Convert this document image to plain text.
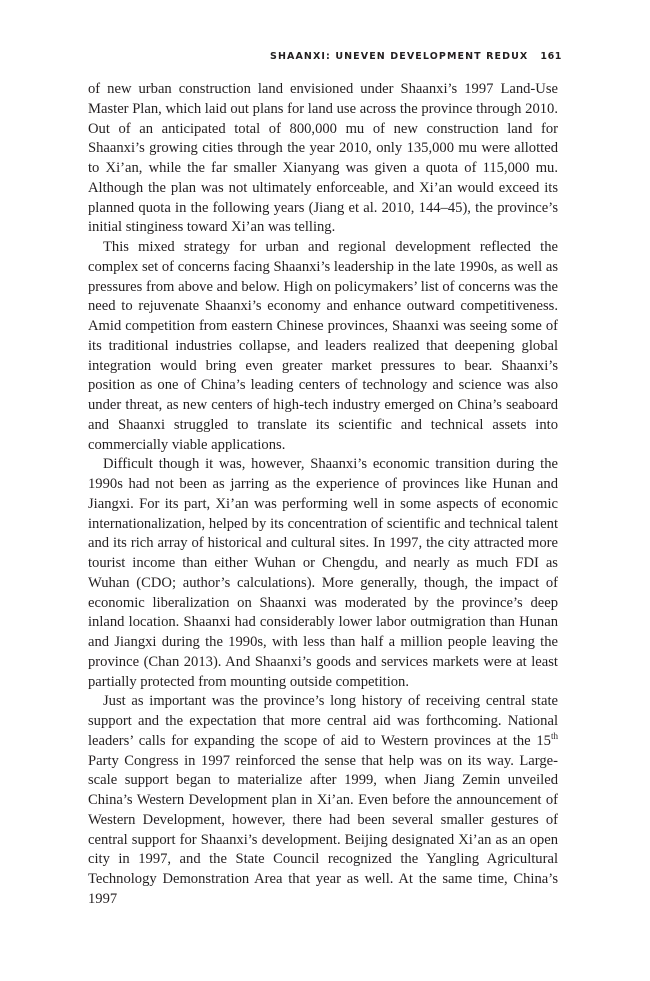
SHAANXI: UNEVEN DEVELOPMENT REDUX 161

of new urban construction land envisioned under Shaanxi’s 1997 Land-Use Master Plan, which laid out plans for land use across the province through 2010. Out of an anticipated total of 800,000 mu of new construction land for Shaanxi’s growing cities through the year 2010, only 135,000 mu were allotted to Xi’an, while the far smaller Xianyang was given a quota of 115,000 mu. Although the plan was not ultimately enforceable, and Xi’an would exceed its planned quota in the following years (Jiang et al. 2010, 144–45), the province’s initial stinginess toward Xi’an was telling.

This mixed strategy for urban and regional development reflected the complex set of concerns facing Shaanxi’s leadership in the late 1990s, as well as pressures from above and below. High on policymakers’ list of concerns was the need to rejuvenate Shaanxi’s economy and enhance outward competitiveness. Amid competition from eastern Chinese provinces, Shaanxi was seeing some of its traditional industries collapse, and leaders realized that deepening global integration would bring even greater market pressures to bear. Shaanxi’s position as one of China’s leading centers of technology and science was also under threat, as new centers of high-tech industry emerged on China’s seaboard and Shaanxi struggled to translate its scientific and technical assets into commercially viable applications.

Difficult though it was, however, Shaanxi’s economic transition during the 1990s had not been as jarring as the experience of provinces like Hunan and Jiangxi. For its part, Xi’an was performing well in some aspects of economic internationalization, helped by its concentration of scientific and technical talent and its rich array of historical and cultural sites. In 1997, the city attracted more tourist income than either Wuhan or Chengdu, and nearly as much FDI as Wuhan (CDO; author’s calculations). More generally, though, the impact of economic liberalization on Shaanxi was moderated by the province’s deep inland location. Shaanxi had considerably lower labor outmigration than Hunan and Jiangxi during the 1990s, with less than half a million people leaving the province (Chan 2013). And Shaanxi’s goods and services markets were at least partially protected from mounting outside competition.

Just as important was the province’s long history of receiving central state support and the expectation that more central aid was forthcoming. National leaders’ calls for expanding the scope of aid to Western provinces at the 15th Party Congress in 1997 reinforced the sense that help was on its way. Large-scale support began to materialize after 1999, when Jiang Zemin unveiled China’s Western Development plan in Xi’an. Even before the announcement of Western Development, however, there had been several smaller gestures of central support for Shaanxi’s development. Beijing designated Xi’an as an open city in 1997, and the State Council recognized the Yangling Agricultural Technology Demonstration Area that year as well. At the same time, China’s 1997
